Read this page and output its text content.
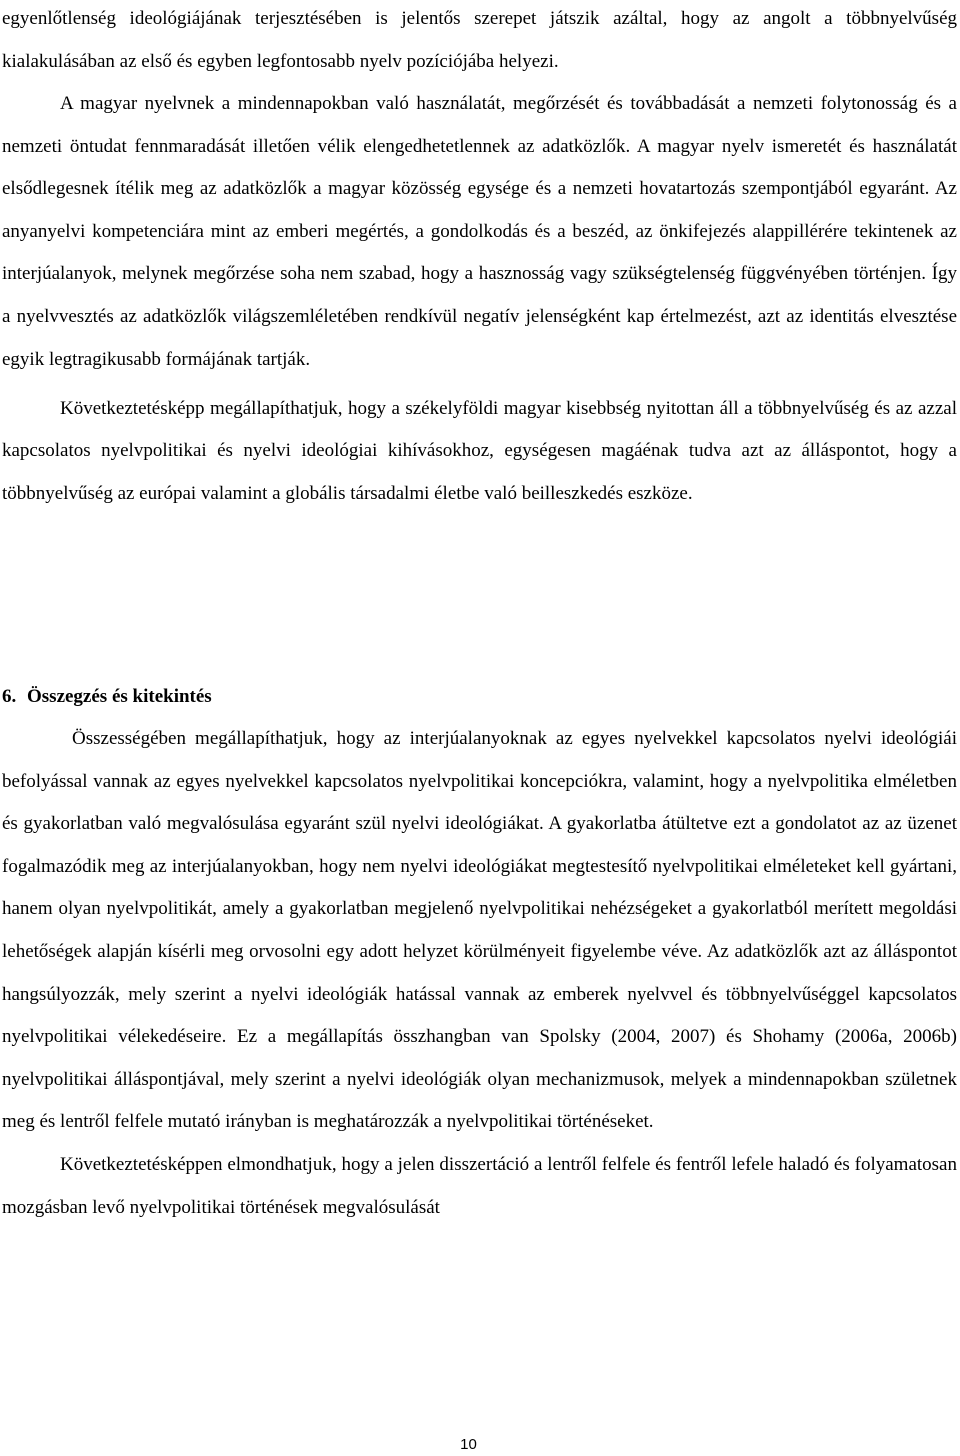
egyenlőtlenség ideológiájának terjesztésében is jelentős szerepet játszik azáltal, hogy az angolt a többnyelvűség kialakulásában az első és egyben legfontosabb nyelv pozíciójába helyezi.

A magyar nyelvnek a mindennapokban való használatát, megőrzését és továbbadását a nemzeti folytonosság és a nemzeti öntudat fennmaradását illetően vélik elengedhetetlennek az adatközlők. A magyar nyelv ismeretét és használatát elsődlegesnek ítélik meg az adatközlők a magyar közösség egysége és a nemzeti hovatartozás szempontjából egyaránt. Az anyanyelvi kompetenciára mint az emberi megértés, a gondolkodás és a beszéd, az önkifejezés alappillérére tekintenek az interjúalanyok, melynek megőrzése soha nem szabad, hogy a hasznosság vagy szükségtelenség függvényében történjen. Így a nyelvvesztés az adatközlők világszemléletében rendkívül negatív jelenségként kap értelmezést, azt az identitás elvesztése egyik legtragikusabb formájának tartják.

Következtetésképp megállapíthatjuk, hogy a székelyföldi magyar kisebbség nyitottan áll a többnyelvűség és az azzal kapcsolatos nyelvpolitikai és nyelvi ideológiai kihívásokhoz, egységesen magáénak tudva azt az álláspontot, hogy a többnyelvűség az európai valamint a globális társadalmi életbe való beilleszkedés eszköze.

6. Összegzés és kitekintés

Összességében megállapíthatjuk, hogy az interjúalanyoknak az egyes nyelvekkel kapcsolatos nyelvi ideológiái befolyással vannak az egyes nyelvekkel kapcsolatos nyelvpolitikai koncepciókra, valamint, hogy a nyelvpolitika elméletben és gyakorlatban való megvalósulása egyaránt szül nyelvi ideológiákat. A gyakorlatba átültetve ezt a gondolatot az az üzenet fogalmazódik meg az interjúalanyokban, hogy nem nyelvi ideológiákat megtestesítő nyelvpolitikai elméleteket kell gyártani, hanem olyan nyelvpolitikát, amely a gyakorlatban megjelenő nyelvpolitikai nehézségeket a gyakorlatból merített megoldási lehetőségek alapján kísérli meg orvosolni egy adott helyzet körülményeit figyelembe véve. Az adatközlők azt az álláspontot hangsúlyozzák, mely szerint a nyelvi ideológiák hatással vannak az emberek nyelvvel és többnyelvűséggel kapcsolatos nyelvpolitikai vélekedéseire. Ez a megállapítás összhangban van Spolsky (2004, 2007) és Shohamy (2006a, 2006b) nyelvpolitikai álláspontjával, mely szerint a nyelvi ideológiák olyan mechanizmusok, melyek a mindennapokban születnek meg és lentről felfele mutató irányban is meghatározzák a nyelvpolitikai történéseket.

Következtetésképpen elmondhatjuk, hogy a jelen disszertáció a lentről felfele és fentről lefele haladó és folyamatosan mozgásban levő nyelvpolitikai történések megvalósulását

10
